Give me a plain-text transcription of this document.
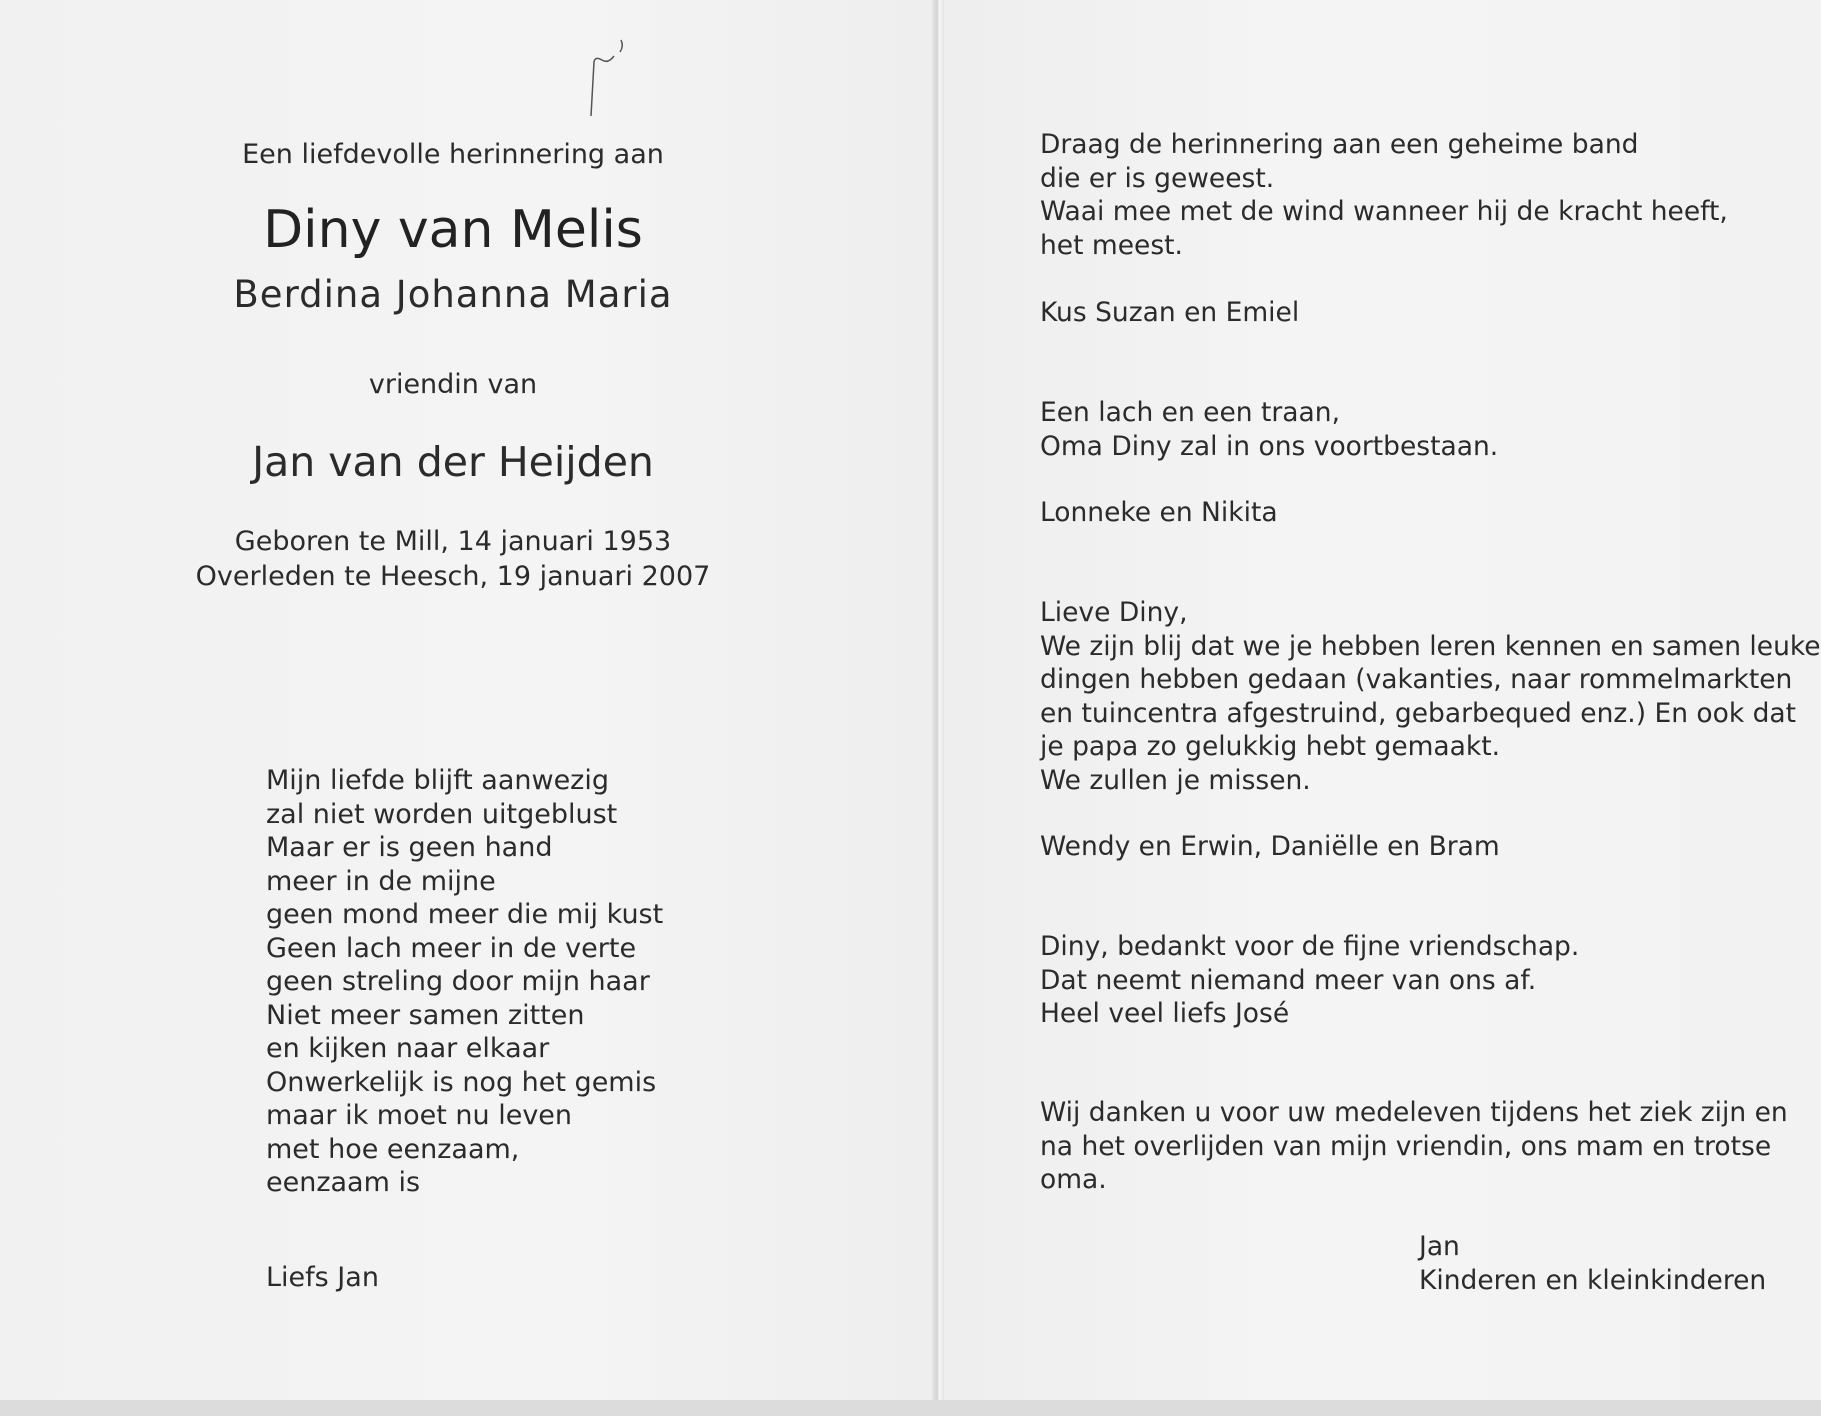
Een liefdevolle herinnering aan
Diny van Melis
Berdina Johanna Maria
vriendin van
Jan van der Heijden
Geboren te Mill, 14 januari 1953
Overleden te Heesch, 19 januari 2007
Mijn liefde blijft aanwezig
zal niet worden uitgeblust
Maar er is geen hand
meer in de mijne
geen mond meer die mij kust
Geen lach meer in de verte
geen streling door mijn haar
Niet meer samen zitten
en kijken naar elkaar
Onwerkelijk is nog het gemis
maar ik moet nu leven
met hoe eenzaam,
eenzaam is
Liefs Jan
Draag de herinnering aan een geheime band
die er is geweest.
Waai mee met de wind wanneer hij de kracht heeft,
het meest.
Kus Suzan en Emiel
Een lach en een traan,
Oma Diny zal in ons voortbestaan.
Lonneke en Nikita
Lieve Diny,
We zijn blij dat we je hebben leren kennen en samen leuke
dingen hebben gedaan (vakanties, naar rommelmarkten
en tuincentra afgestruind, gebarbequed enz.) En ook dat
je papa zo gelukkig hebt gemaakt.
We zullen je missen.
Wendy en Erwin, Daniëlle en Bram
Diny, bedankt voor de fijne vriendschap.
Dat neemt niemand meer van ons af.
Heel veel liefs José
Wij danken u voor uw medeleven tijdens het ziek zijn en
na het overlijden van mijn vriendin, ons mam en trotse
oma.
Jan
Kinderen en kleinkinderen
